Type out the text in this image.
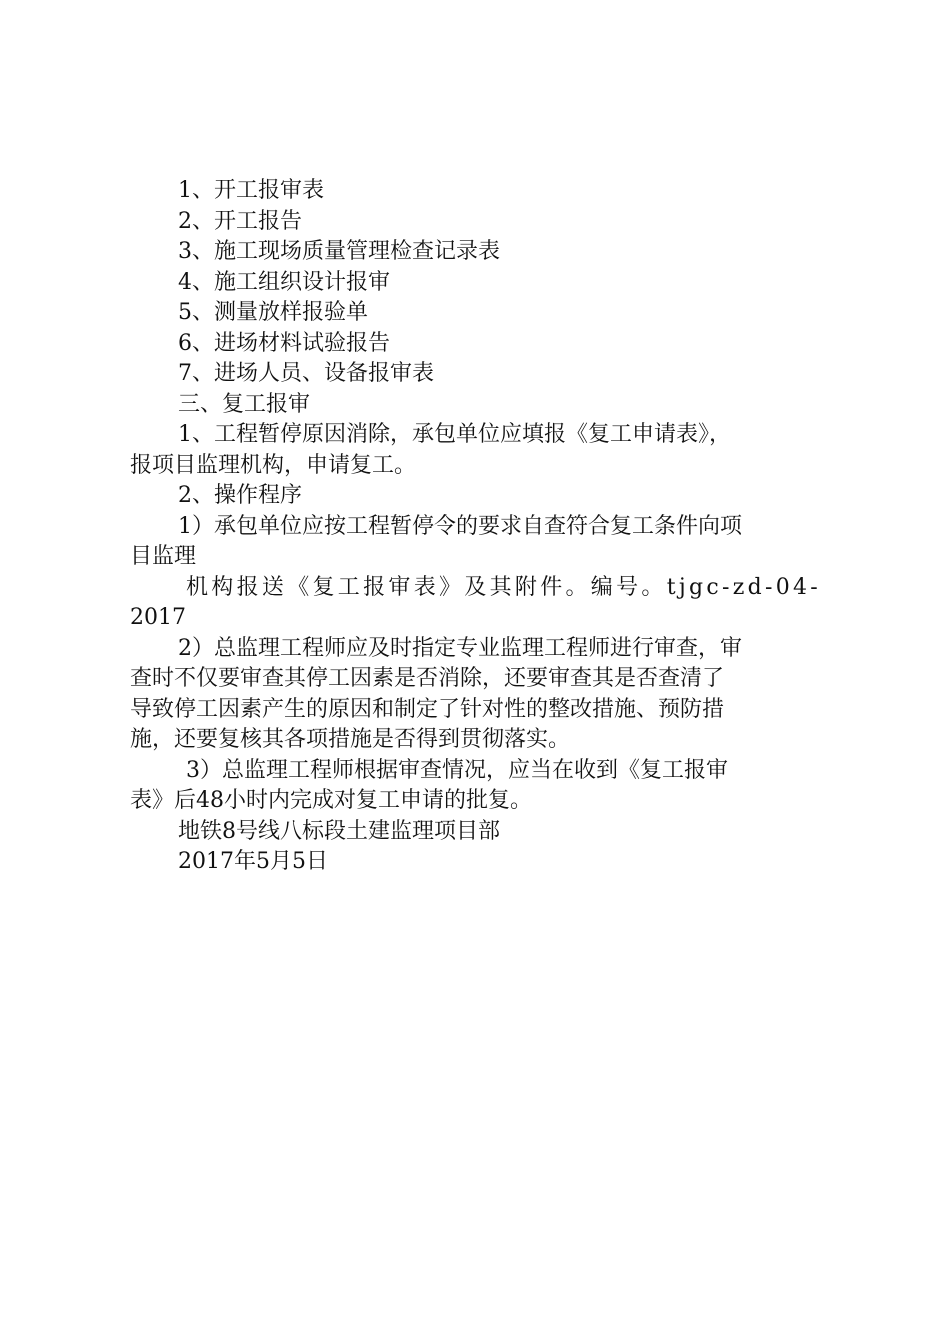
1、开工报审表
2、开工报告
3、施工现场质量管理检查记录表
4、施工组织设计报审
5、测量放样报验单
6、进场材料试验报告
7、进场人员、设备报审表
三、复工报审
1、工程暂停原因消除，承包单位应填报《复工申请表》，
报项目监理机构，申请复工。
2、操作程序
1）承包单位应按工程暂停令的要求自查符合复工条件向项
目监理
机构报送《复工报审表》及其附件。编号。tjgc-zd-04-
2017
2）总监理工程师应及时指定专业监理工程师进行审查，审
查时不仅要审查其停工因素是否消除，还要审查其是否查清了
导致停工因素产生的原因和制定了针对性的整改措施、预防措
施，还要复核其各项措施是否得到贯彻落实。
3）总监理工程师根据审查情况，应当在收到《复工报审
表》后48小时内完成对复工申请的批复。
地铁8号线八标段土建监理项目部
2017年5月5日
